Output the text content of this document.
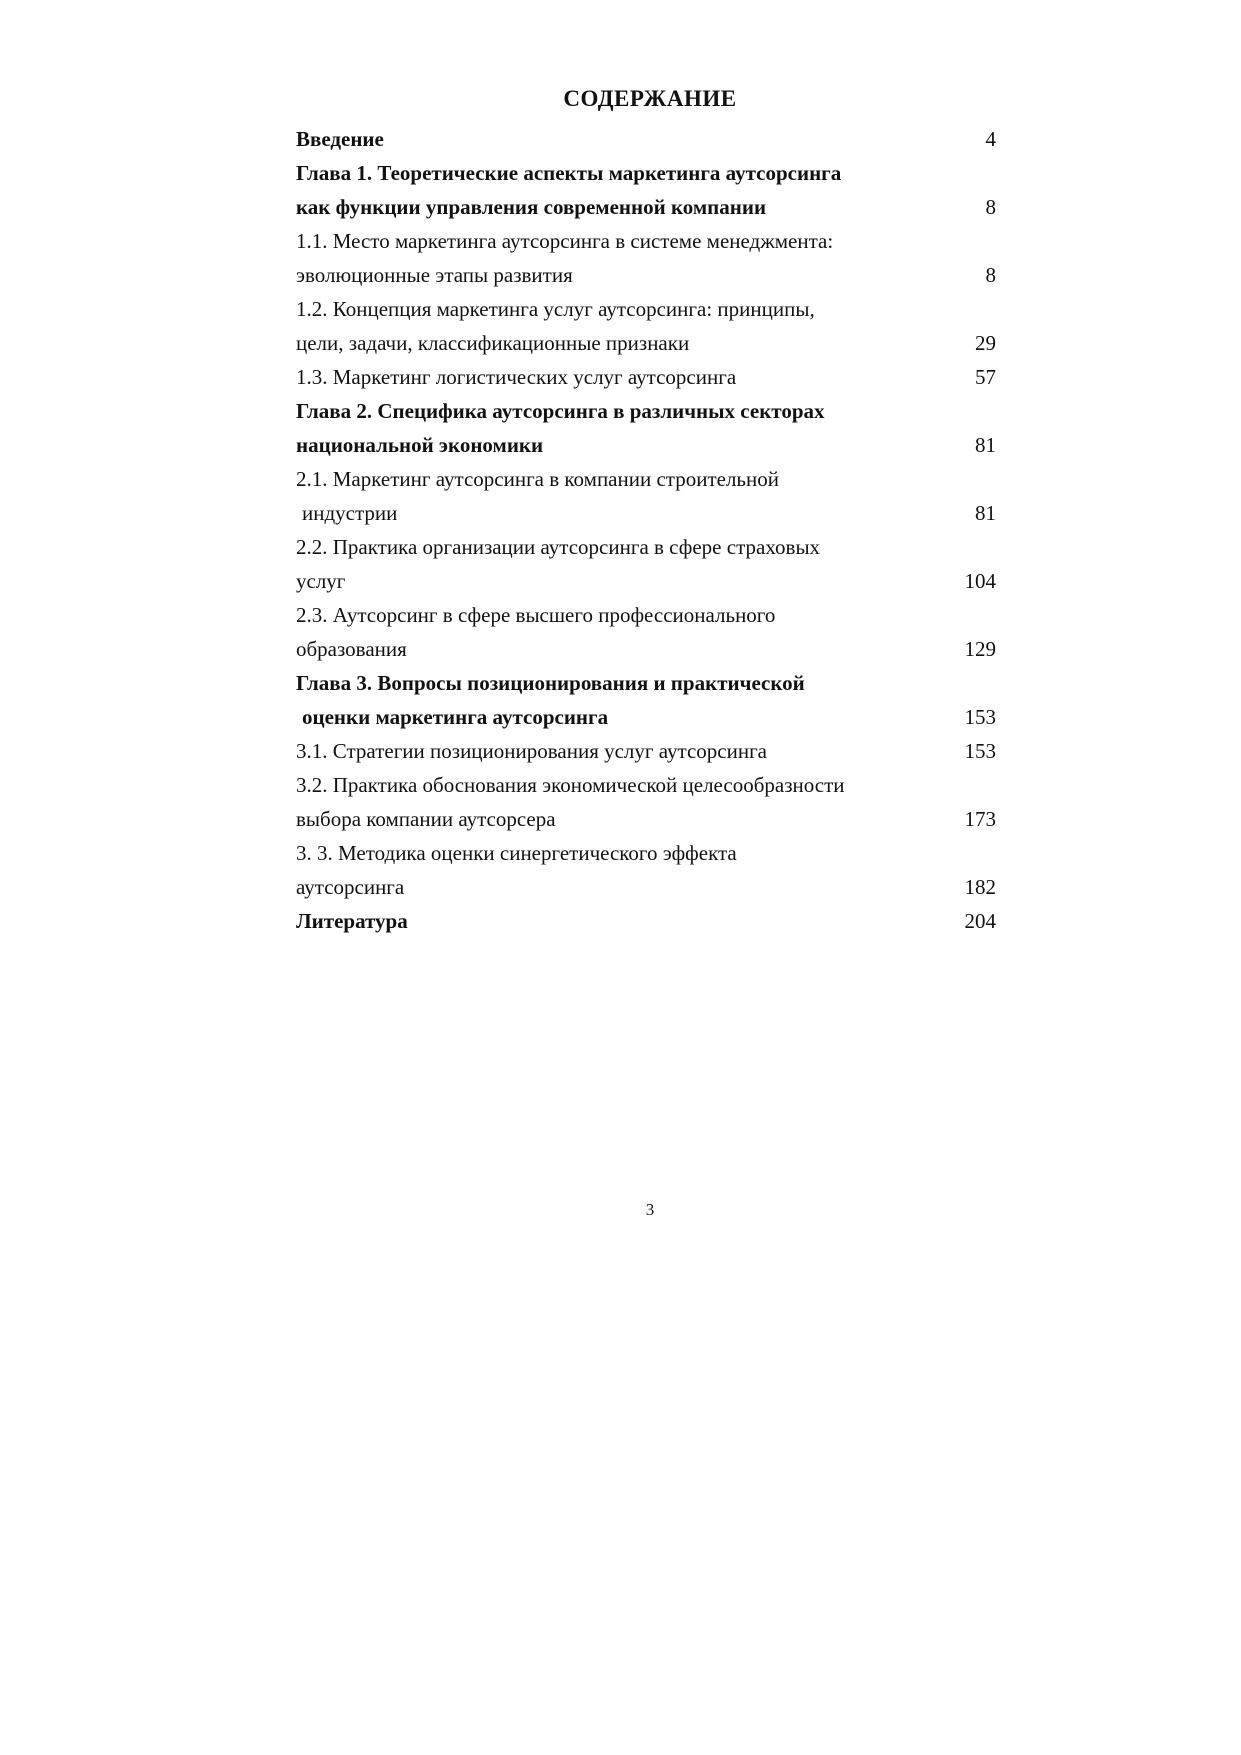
СОДЕРЖАНИЕ
Введение	4
Глава 1. Теоретические аспекты маркетинга аутсорсинга
как функции управления современной компании	8
1.1. Место маркетинга аутсорсинга в системе менеджмента:
эволюционные этапы развития	8
1.2. Концепция маркетинга услуг аутсорсинга: принципы,
цели, задачи, классификационные признаки	29
1.3. Маркетинг логистических услуг аутсорсинга	57
Глава 2. Специфика аутсорсинга в различных секторах
национальной экономики	81
2.1. Маркетинг аутсорсинга в компании строительной
индустрии	81
2.2. Практика организации аутсорсинга в сфере страховых
услуг	104
2.3. Аутсорсинг в сфере высшего профессионального
образования	129
Глава 3. Вопросы позиционирования и практической
оценки маркетинга аутсорсинга	153
3.1. Стратегии позиционирования услуг аутсорсинга	153
3.2. Практика обоснования экономической целесообразности
выбора компании аутсорсера	173
3. 3. Методика оценки синергетического эффекта
аутсорсинга	182
Литература	204
3
